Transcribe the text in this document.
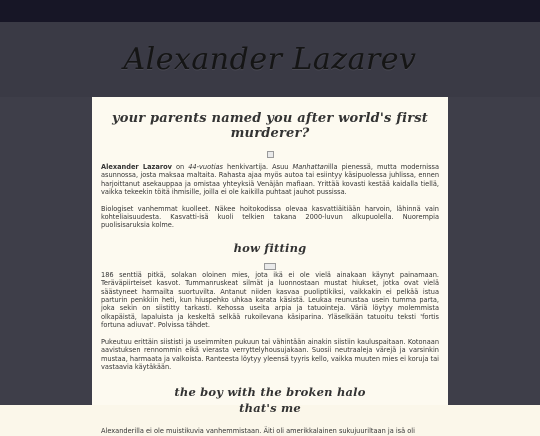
Alexander Lazarev
your parents named you after world's first murderer?

Alexander Lazarov on 44-vuotias henkivartija. Asuu Manhattanilla pienessä, mutta modernissa asunnossa, josta maksaa maltaita. Rahasta ajaa myös autoa tai esiintyy käsipuolessa juhlissa, ennen harjoittanut asekauppaa ja omistaa yhteyksiä Venäjän mafiaan. Yrittää kovasti kestää kaidalla tiellä, vaikka tekeekin töitä ihmisille, joilla ei ole kaikilla puhtaat jauhot pussissa.

Biologiset vanhemmat kuolleet. Näkee hoitokodissa olevaa kasvattiäitiään harvoin, lähinnä vain kohteliaisuudesta. Kasvatti-isä kuoli telkien takana 2000-luvun alkupuolella. Nuorempia puolisisaruksia kolme.

how fitting

186 senttiä pitkä, solakan oloinen mies, jota ikä ei ole vielä ainakaan käynyt painamaan. Teräväpiirteiset kasvot. Tummanruskeat silmät ja luonnostaan mustat hiukset, jotka ovat vielä säästyneet harmailta suortuvilta. Antanut niiden kasvaa puoliptikiksi, vaikkakin ei pelkää istua parturin penkkiin heti, kun hiuspehko uhkaa karata käsistä. Leukaa reunustaa usein tumma parta, joka sekin on siistitty tarkasti. Kehossa useita arpia ja tatuointeja. Väriä löytyy molemmista olkapäistä, lapaluista ja keskeltä selkää rukoilevana käsiparina. Yläselkään tatuoitu teksti 'fortis fortuna adiuvat'. Polvissa tähdet.

Pukeutuu erittäin siististi ja useimmiten pukuun tai vähintään ainakin siistiin kauluspaitaan. Kotonaan aavistuksen rennommin eikä vierasta verryttelyhousujakaan. Suosii neutraaleja värejä ja varsinkin mustaa, harmaata ja valkoista. Ranteesta löytyy yleensä tyyris kello, vaikka muuten mies ei koruja tai vastaavia käytäkään.

the boy with the broken halo
that's me

Alexanderilla ei ole muistikuvia vanhemmistaan. Äiti oli amerikkalainen sukujuuriltaan ja isä oli
